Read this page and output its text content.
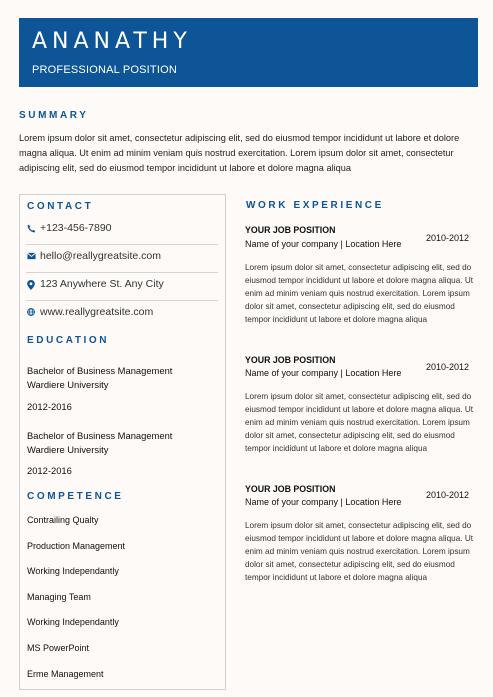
ANANATHY
PROFESSIONAL POSITION
SUMMARY
Lorem ipsum dolor sit amet, consectetur adipiscing elit, sed do eiusmod tempor incididunt ut labore et dolore magna aliqua. Ut enim ad minim veniam quis nostrud exercitation. Lorem ipsum dolor sit amet, consectetur adipiscing elit, sed do eiusmod tempor incididunt ut labore et dolore magna aliqua
CONTACT
+123-456-7890
hello@reallygreatsite.com
123 Anywhere St. Any City
www.reallygreatsite.com
EDUCATION
Bachelor of Business Management
Wardiere University
2012-2016
Bachelor of Business Management
Wardiere University
2012-2016
COMPETENCE
Contrailing Qualty
Production Management
Working Independantly
Managing Team
Working Independantly
MS PowerPoint
Erme Management
WORK EXPERIENCE
YOUR JOB POSITION
Name of your company | Location Here
2010-2012
Lorem ipsum dolor sit amet, consectetur adipiscing elit, sed do eiusmod tempor incididunt ut labore et dolore magna aliqua. Ut enim ad minim veniam quis nostrud exercitation. Lorem ipsum dolor sit amet, consectetur adipiscing elit, sed do eiusmod tempor incididunt ut labore et dolore magna aliqua
YOUR JOB POSITION
Name of your company | Location Here
2010-2012
Lorem ipsum dolor sit amet, consectetur adipiscing elit, sed do eiusmod tempor incididunt ut labore et dolore magna aliqua. Ut enim ad minim veniam quis nostrud exercitation. Lorem ipsum dolor sit amet, consectetur adipiscing elit, sed do eiusmod tempor incididunt ut labore et dolore magna aliqua
YOUR JOB POSITION
Name of your company | Location Here
2010-2012
Lorem ipsum dolor sit amet, consectetur adipiscing elit, sed do eiusmod tempor incididunt ut labore et dolore magna aliqua. Ut enim ad minim veniam quis nostrud exercitation. Lorem ipsum dolor sit amet, consectetur adipiscing elit, sed do eiusmod tempor incididunt ut labore et dolore magna aliqua
